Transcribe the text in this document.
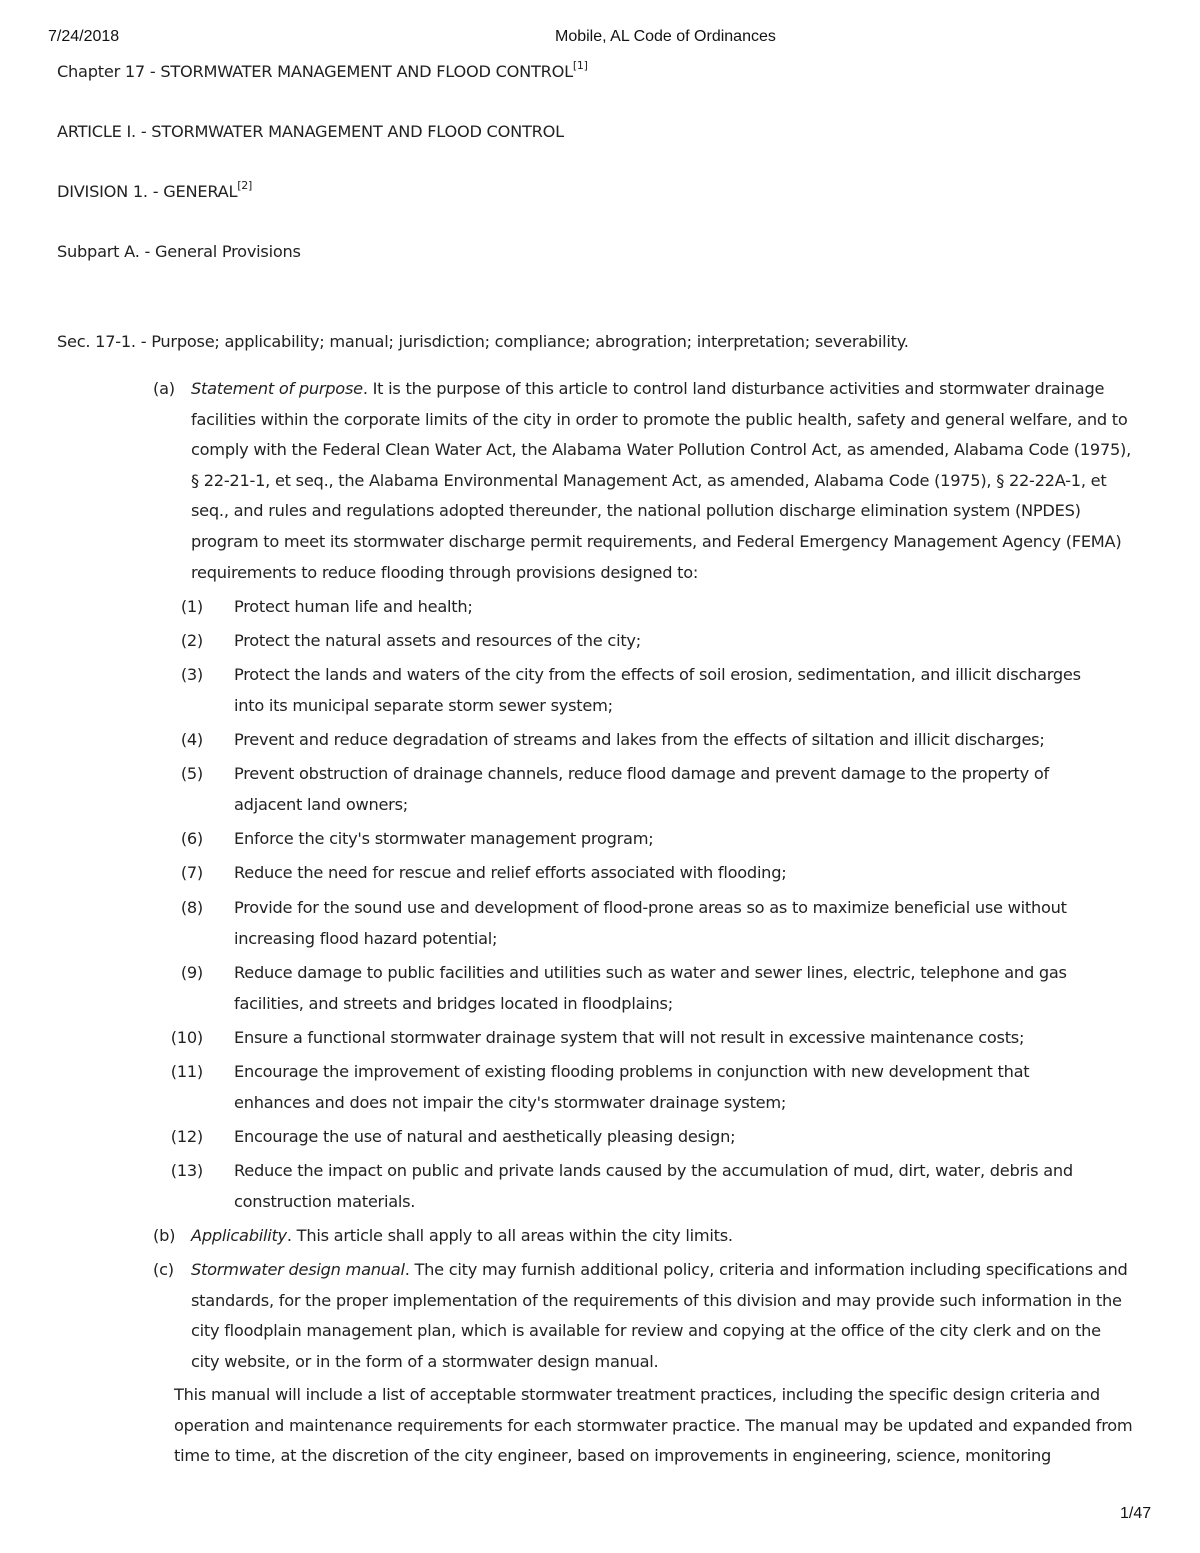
7/24/2018	Mobile, AL Code of Ordinances
Chapter 17 - STORMWATER MANAGEMENT AND FLOOD CONTROL[1]
ARTICLE I. - STORMWATER MANAGEMENT AND FLOOD CONTROL
DIVISION 1. - GENERAL[2]
Subpart A. - General Provisions
Sec. 17-1. - Purpose; applicability; manual; jurisdiction; compliance; abrogration; interpretation; severability.
(a) Statement of purpose. It is the purpose of this article to control land disturbance activities and stormwater drainage facilities within the corporate limits of the city in order to promote the public health, safety and general welfare, and to comply with the Federal Clean Water Act, the Alabama Water Pollution Control Act, as amended, Alabama Code (1975), § 22-21-1, et seq., the Alabama Environmental Management Act, as amended, Alabama Code (1975), § 22-22A-1, et seq., and rules and regulations adopted thereunder, the national pollution discharge elimination system (NPDES) program to meet its stormwater discharge permit requirements, and Federal Emergency Management Agency (FEMA) requirements to reduce flooding through provisions designed to:
(1) Protect human life and health;
(2) Protect the natural assets and resources of the city;
(3) Protect the lands and waters of the city from the effects of soil erosion, sedimentation, and illicit discharges into its municipal separate storm sewer system;
(4) Prevent and reduce degradation of streams and lakes from the effects of siltation and illicit discharges;
(5) Prevent obstruction of drainage channels, reduce flood damage and prevent damage to the property of adjacent land owners;
(6) Enforce the city's stormwater management program;
(7) Reduce the need for rescue and relief efforts associated with flooding;
(8) Provide for the sound use and development of flood-prone areas so as to maximize beneficial use without increasing flood hazard potential;
(9) Reduce damage to public facilities and utilities such as water and sewer lines, electric, telephone and gas facilities, and streets and bridges located in floodplains;
(10) Ensure a functional stormwater drainage system that will not result in excessive maintenance costs;
(11) Encourage the improvement of existing flooding problems in conjunction with new development that enhances and does not impair the city's stormwater drainage system;
(12) Encourage the use of natural and aesthetically pleasing design;
(13) Reduce the impact on public and private lands caused by the accumulation of mud, dirt, water, debris and construction materials.
(b) Applicability. This article shall apply to all areas within the city limits.
(c) Stormwater design manual. The city may furnish additional policy, criteria and information including specifications and standards, for the proper implementation of the requirements of this division and may provide such information in the city floodplain management plan, which is available for review and copying at the office of the city clerk and on the city website, or in the form of a stormwater design manual.
This manual will include a list of acceptable stormwater treatment practices, including the specific design criteria and operation and maintenance requirements for each stormwater practice. The manual may be updated and expanded from time to time, at the discretion of the city engineer, based on improvements in engineering, science, monitoring
1/47
